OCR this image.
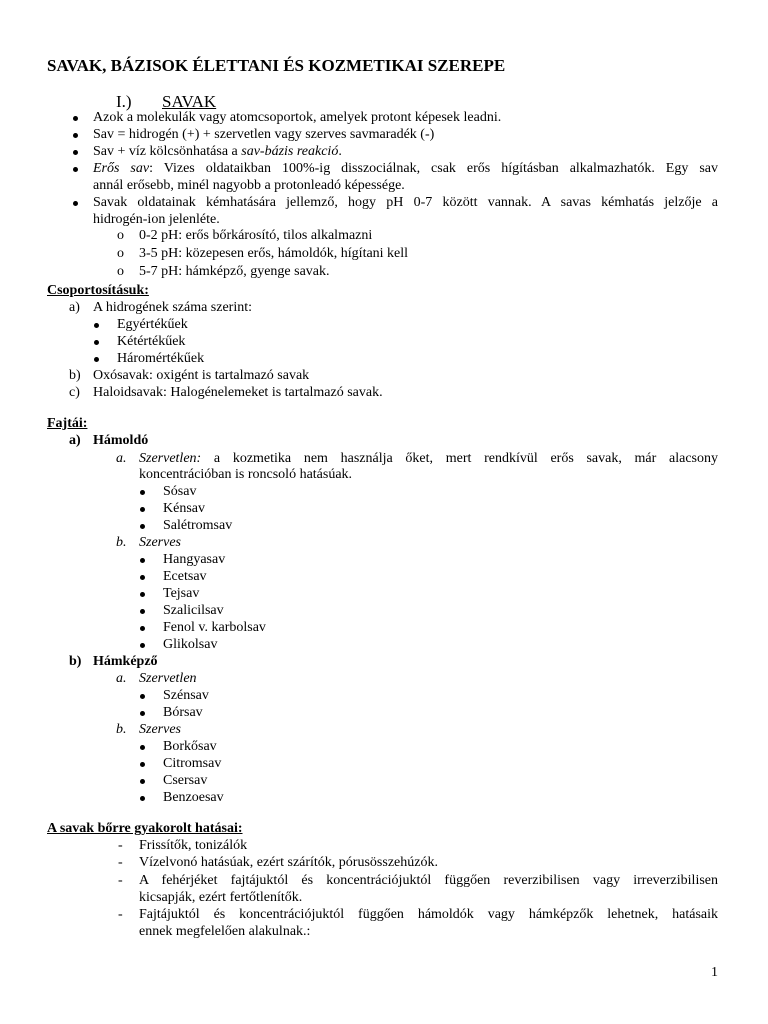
SAVAK, BÁZISOK ÉLETTANI ÉS KOZMETIKAI SZEREPE

I.) SAVAK

Azok a molekulák vagy atomcsoportok, amelyek protont képesek leadni.

Sav = hidrogén (+) + szervetlen vagy szerves savmaradék (-)

Sav + víz kölcsönhatása a sav-bázis reakció.

Erős sav: Vizes oldataikban 100%-ig disszociálnak, csak erős hígításban alkalmazhatók. Egy sav

annál erősebb, minél nagyobb a protonleadó képessége.

Savak oldatainak kémhatására jellemző, hogy pH 0-7 között vannak. A savas kémhatás jelzője a

hidrogén-ion jelenléte.

o 0-2 pH: erős bőrkárosító, tilos alkalmazni

o 3-5 pH: közepesen erős, hámoldók, hígítani kell

o 5-7 pH: hámképző, gyenge savak.

Csoportosításuk:

a) A hidrogének száma szerint:

Egyértékűek

Kétértékűek

Háromértékűek

b) Oxósavak: oxigént is tartalmazó savak

c) Haloidsavak: Halogénelemeket is tartalmazó savak.

Fajtái:

a) Hámoldó

a. Szervetlen: a kozmetika nem használja őket, mert rendkívül erős savak, már alacsony

koncentrációban is roncsoló hatásúak.

Sósav

Kénsav

Salétromsav

b. Szerves

Hangyasav

Ecetsav

Tejsav

Szalicilsav

Fenol v. karbolsav

Glikolsav

b) Hámképző

a. Szervetlen

Szénsav

Bórsav

b. Szerves

Borkősav

Citromsav

Csersav

Benzoesav

A savak bőrre gyakorolt hatásai:

- Frissítők, tonizálók

- Vízelvonó hatásúak, ezért szárítók, pórusösszehúzók.

- A fehérjéket fajtájuktól és koncentrációjuktól függően reverzibilisen vagy irreverzibilisen

kicsapják, ezért fertőtlenítők.

- Fajtájuktól és koncentrációjuktól függően hámoldók vagy hámképzők lehetnek, hatásaik

ennek megfelelően alakulnak.:

1
